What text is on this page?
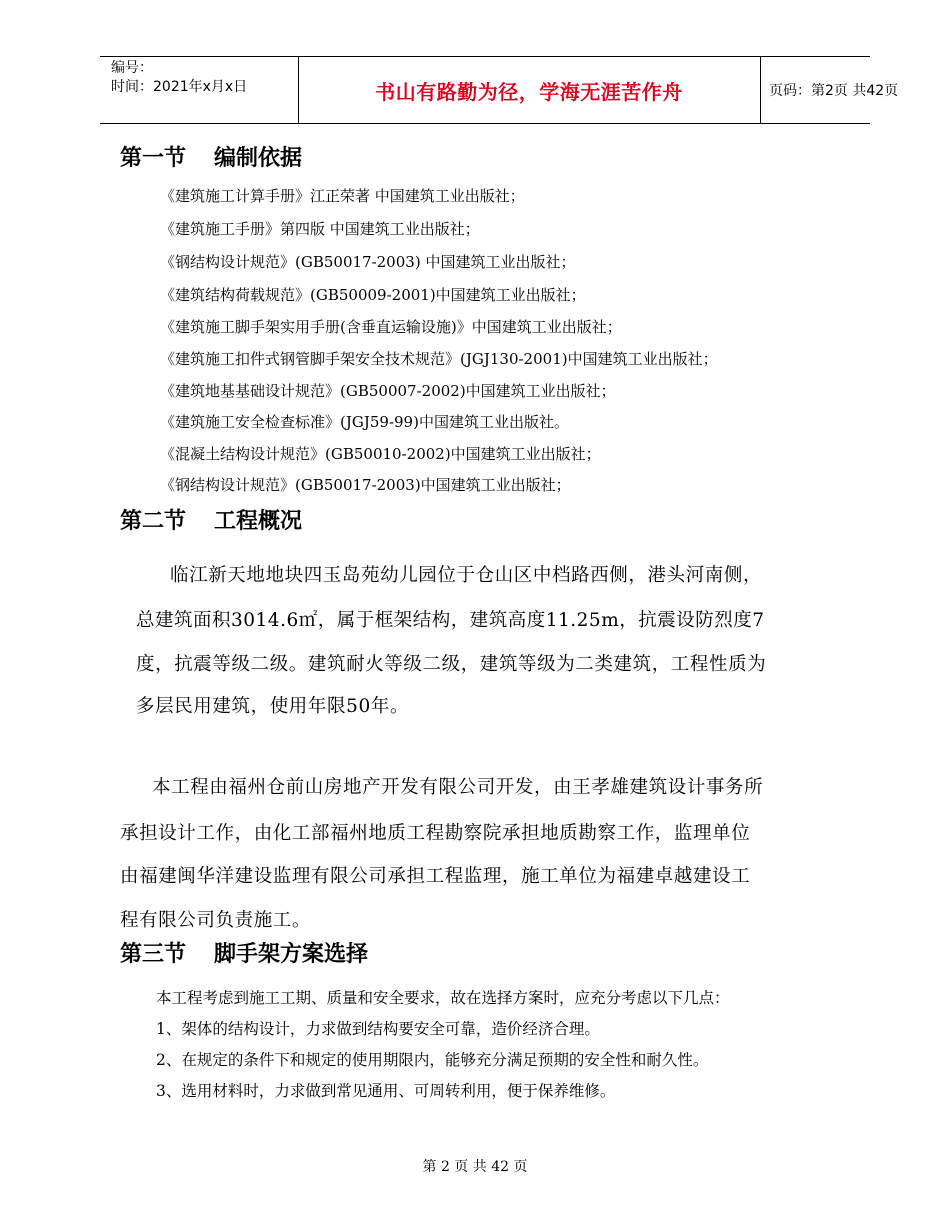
编号：
时间：2021年x月x日	书山有路勤为径，学海无涯苦作舟	页码：第2页 共42页
第一节 编制依据
《建筑施工计算手册》江正荣著 中国建筑工业出版社；
《建筑施工手册》第四版 中国建筑工业出版社；
《钢结构设计规范》(GB50017-2003) 中国建筑工业出版社；
《建筑结构荷载规范》(GB50009-2001)中国建筑工业出版社；
《建筑施工脚手架实用手册(含垂直运输设施)》中国建筑工业出版社；
《建筑施工扣件式钢管脚手架安全技术规范》(JGJ130-2001)中国建筑工业出版社；
《建筑地基基础设计规范》(GB50007-2002)中国建筑工业出版社；
《建筑施工安全检查标准》(JGJ59-99)中国建筑工业出版社。
《混凝土结构设计规范》(GB50010-2002)中国建筑工业出版社；
《钢结构设计规范》(GB50017-2003)中国建筑工业出版社；
第二节 工程概况
临江新天地地块四玉岛苑幼儿园位于仓山区中档路西侧，港头河南侧，
总建筑面积3014.6㎡，属于框架结构，建筑高度11.25m，抗震设防烈度7
度，抗震等级二级。建筑耐火等级二级，建筑等级为二类建筑，工程性质为
多层民用建筑，使用年限50年。
本工程由福州仓前山房地产开发有限公司开发，由王孝雄建筑设计事务所
承担设计工作，由化工部福州地质工程勘察院承担地质勘察工作，监理单位
由福建闽华洋建设监理有限公司承担工程监理，施工单位为福建卓越建设工
程有限公司负责施工。
第三节 脚手架方案选择
本工程考虑到施工工期、质量和安全要求，故在选择方案时，应充分考虑以下几点：
1、架体的结构设计，力求做到结构要安全可靠，造价经济合理。
2、在规定的条件下和规定的使用期限内，能够充分满足预期的安全性和耐久性。
3、选用材料时，力求做到常见通用、可周转利用，便于保养维修。
第 2 页 共 42 页
